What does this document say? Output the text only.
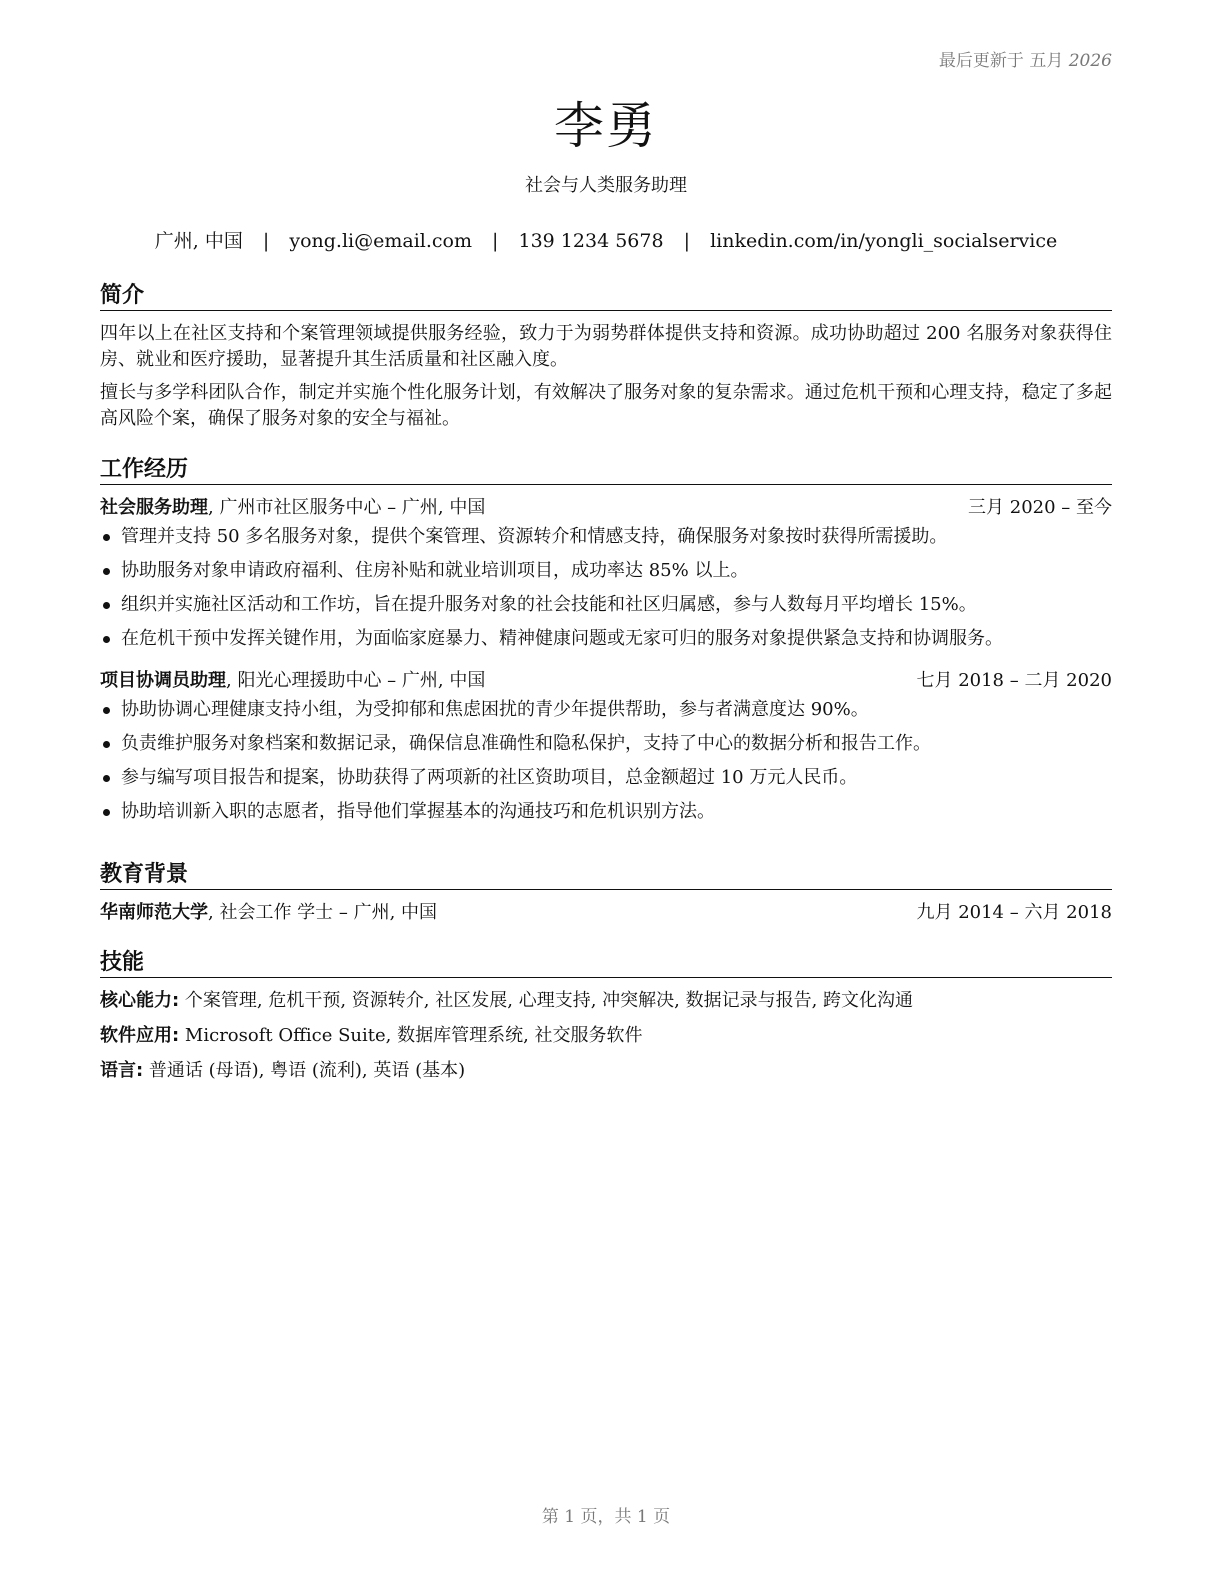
最后更新于 五月 2026
李勇
社会与人类服务助理
广州, 中国 | yong.li@email.com | 139 1234 5678 | linkedin.com/in/yongli_socialservice
简介

四年以上在社区支持和个案管理领域提供服务经验，致力于为弱势群体提供支持和资源。成功协助超过 200 名服务对象获得住房、就业和医疗援助，显著提升其生活质量和社区融入度。

擅长与多学科团队合作，制定并实施个性化服务计划，有效解决了服务对象的复杂需求。通过危机干预和心理支持，稳定了多起高风险个案，确保了服务对象的安全与福祉。

工作经历
社会服务助理, 广州市社区服务中心 – 广州, 中国	三月 2020 – 至今
管理并支持 50 多名服务对象，提供个案管理、资源转介和情感支持，确保服务对象按时获得所需援助。
协助服务对象申请政府福利、住房补贴和就业培训项目，成功率达 85% 以上。
组织并实施社区活动和工作坊，旨在提升服务对象的社会技能和社区归属感，参与人数每月平均增长 15%。
在危机干预中发挥关键作用，为面临家庭暴力、精神健康问题或无家可归的服务对象提供紧急支持和协调服务。
项目协调员助理, 阳光心理援助中心 – 广州, 中国	七月 2018 – 二月 2020
协助协调心理健康支持小组，为受抑郁和焦虑困扰的青少年提供帮助，参与者满意度达 90%。
负责维护服务对象档案和数据记录，确保信息准确性和隐私保护，支持了中心的数据分析和报告工作。
参与编写项目报告和提案，协助获得了两项新的社区资助项目，总金额超过 10 万元人民币。
协助培训新入职的志愿者，指导他们掌握基本的沟通技巧和危机识别方法。
教育背景
华南师范大学, 社会工作 学士 – 广州, 中国	九月 2014 – 六月 2018
技能
核心能力: 个案管理, 危机干预, 资源转介, 社区发展, 心理支持, 冲突解决, 数据记录与报告, 跨文化沟通
软件应用: Microsoft Office Suite, 数据库管理系统, 社交服务软件
语言: 普通话 (母语), 粤语 (流利), 英语 (基本)
第 1 页，共 1 页
